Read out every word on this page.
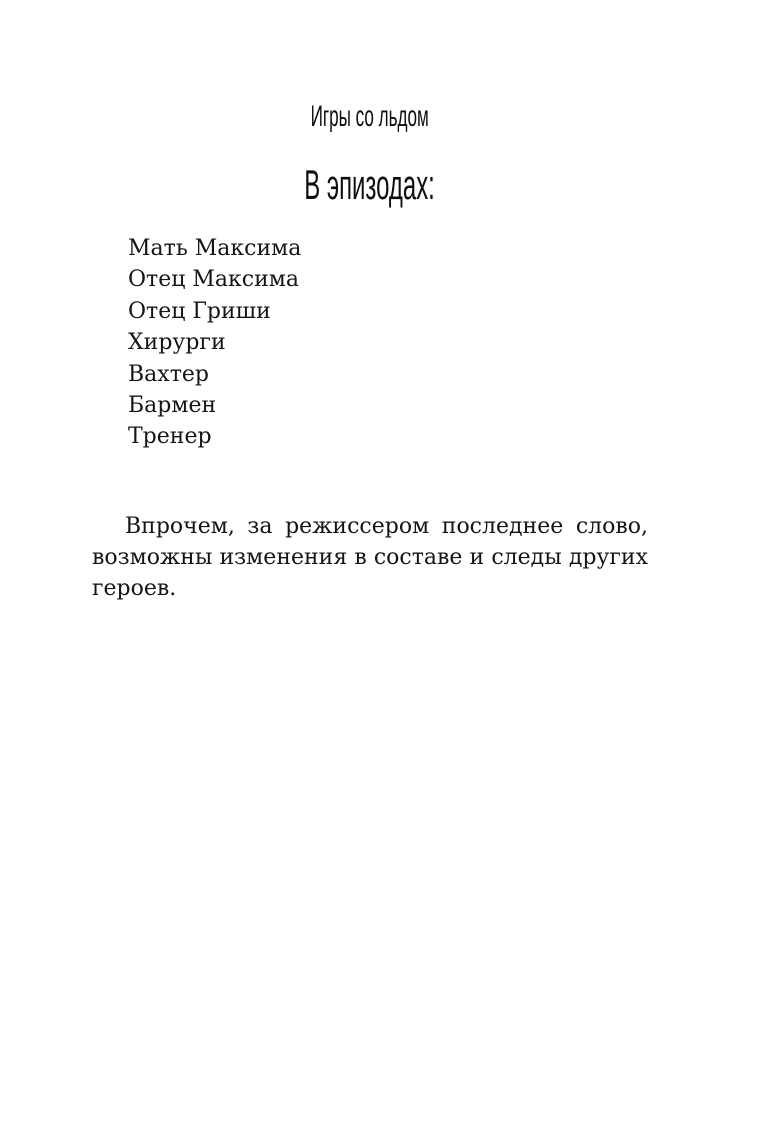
Игры со льдом
В эпизодах:
Мать Максима
Отец Максима
Отец Гриши
Хирурги
Вахтер
Бармен
Тренер

Впрочем, за режиссером последнее слово, возможны изменения в составе и следы других героев.
